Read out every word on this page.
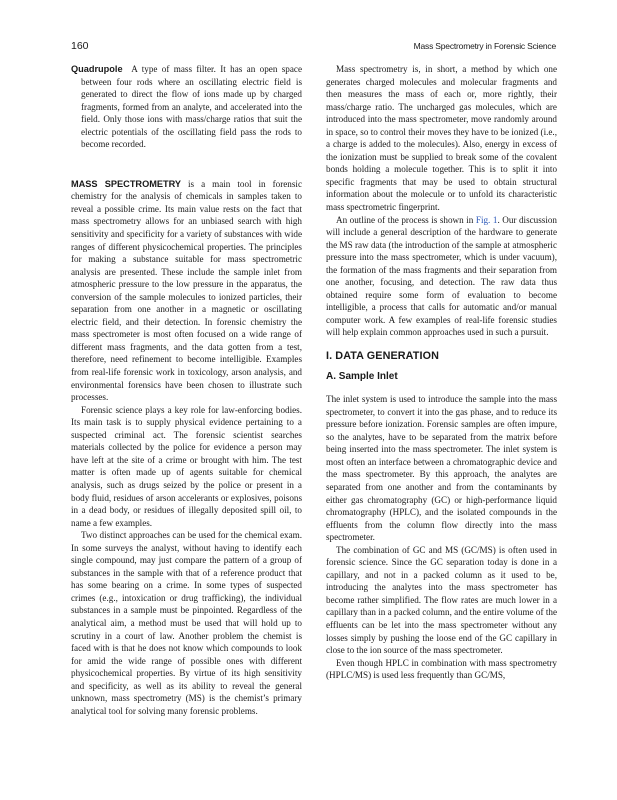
160	Mass Spectrometry in Forensic Science

Quadrupole A type of mass filter. It has an open space between four rods where an oscillating electric field is generated to direct the flow of ions made up by charged fragments, formed from an analyte, and accelerated into the field. Only those ions with mass/charge ratios that suit the electric potentials of the oscillating field pass the rods to become recorded.

MASS SPECTROMETRY is a main tool in forensic chemistry for the analysis of chemicals in samples taken to reveal a possible crime. Its main value rests on the fact that mass spectrometry allows for an unbiased search with high sensitivity and specificity for a variety of substances with wide ranges of different physicochemical properties. The principles for making a substance suitable for mass spectrometric analysis are presented. These include the sample inlet from atmospheric pressure to the low pressure in the apparatus, the conversion of the sample molecules to ionized particles, their separation from one another in a magnetic or oscillating electric field, and their detection. In forensic chemistry the mass spectrometer is most often focused on a wide range of different mass fragments, and the data gotten from a test, therefore, need refinement to become intelligible. Examples from real-life forensic work in toxicology, arson analysis, and environmental forensics have been chosen to illustrate such processes.

Forensic science plays a key role for law-enforcing bodies. Its main task is to supply physical evidence pertaining to a suspected criminal act. The forensic scientist searches materials collected by the police for evidence a person may have left at the site of a crime or brought with him. The test matter is often made up of agents suitable for chemical analysis, such as drugs seized by the police or present in a body fluid, residues of arson accelerants or explosives, poisons in a dead body, or residues of illegally deposited spill oil, to name a few examples.

Two distinct approaches can be used for the chemical exam. In some surveys the analyst, without having to identify each single compound, may just compare the pattern of a group of substances in the sample with that of a reference product that has some bearing on a crime. In some types of suspected crimes (e.g., intoxication or drug trafficking), the individual substances in a sample must be pinpointed. Regardless of the analytical aim, a method must be used that will hold up to scrutiny in a court of law. Another problem the chemist is faced with is that he does not know which compounds to look for amid the wide range of possible ones with different physicochemical properties. By virtue of its high sensitivity and specificity, as well as its ability to reveal the general unknown, mass spectrometry (MS) is the chemist’s primary analytical tool for solving many forensic problems.

Mass spectrometry is, in short, a method by which one generates charged molecules and molecular fragments and then measures the mass of each or, more rightly, their mass/charge ratio. The uncharged gas molecules, which are introduced into the mass spectrometer, move randomly around in space, so to control their moves they have to be ionized (i.e., a charge is added to the molecules). Also, energy in excess of the ionization must be supplied to break some of the covalent bonds holding a molecule together. This is to split it into specific fragments that may be used to obtain structural information about the molecule or to unfold its characteristic mass spectrometric fingerprint.

An outline of the process is shown in Fig. 1. Our discussion will include a general description of the hardware to generate the MS raw data (the introduction of the sample at atmospheric pressure into the mass spectrometer, which is under vacuum), the formation of the mass fragments and their separation from one another, focusing, and detection. The raw data thus obtained require some form of evaluation to become intelligible, a process that calls for automatic and/or manual computer work. A few examples of real-life forensic studies will help explain common approaches used in such a pursuit.

I. DATA GENERATION
A. Sample Inlet

The inlet system is used to introduce the sample into the mass spectrometer, to convert it into the gas phase, and to reduce its pressure before ionization. Forensic samples are often impure, so the analytes, have to be separated from the matrix before being inserted into the mass spectrometer. The inlet system is most often an interface between a chromatographic device and the mass spectrometer. By this approach, the analytes are separated from one another and from the contaminants by either gas chromatography (GC) or high-performance liquid chromatography (HPLC), and the isolated compounds in the effluents from the column flow directly into the mass spectrometer.

The combination of GC and MS (GC/MS) is often used in forensic science. Since the GC separation today is done in a capillary, and not in a packed column as it used to be, introducing the analytes into the mass spectrometer has become rather simplified. The flow rates are much lower in a capillary than in a packed column, and the entire volume of the effluents can be let into the mass spectrometer without any losses simply by pushing the loose end of the GC capillary in close to the ion source of the mass spectrometer.

Even though HPLC in combination with mass spectrometry (HPLC/MS) is used less frequently than GC/MS,
